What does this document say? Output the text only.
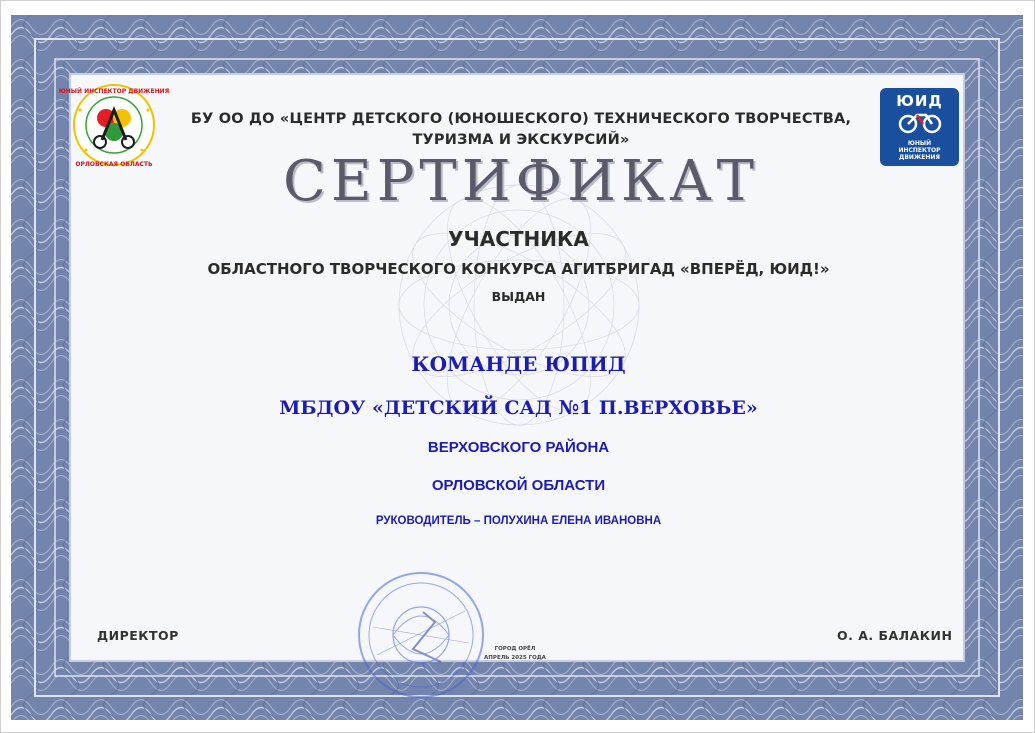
ЮНЫЙ ИНСПЕКТОР ДВИЖЕНИЯ
ОРЛОВСКАЯ ОБЛАСТЬ
ЮИД
ЮНЫЙ
ИНСПЕКТОР
ДВИЖЕНИЯ
БУ ОО ДО «ЦЕНТР ДЕТСКОГО (ЮНОШЕСКОГО) ТЕХНИЧЕСКОГО ТВОРЧЕСТВА,
ТУРИЗМА И ЭКСКУРСИЙ»
СЕРТИФИКАТ
УЧАСТНИКА
ОБЛАСТНОГО ТВОРЧЕСКОГО КОНКУРСА АГИТБРИГАД «ВПЕРЁД, ЮИД!»
ВЫДАН
КОМАНДЕ ЮПИД
МБДОУ «ДЕТСКИЙ САД №1 П.ВЕРХОВЬЕ»
ВЕРХОВСКОГО РАЙОНА
ОРЛОВСКОЙ ОБЛАСТИ
РУКОВОДИТЕЛЬ – ПОЛУХИНА ЕЛЕНА ИВАНОВНА
ДИРЕКТОР	О. А. БАЛАКИН
ГОРОД ОРЁЛ
АПРЕЛЬ 2025 ГОДА
